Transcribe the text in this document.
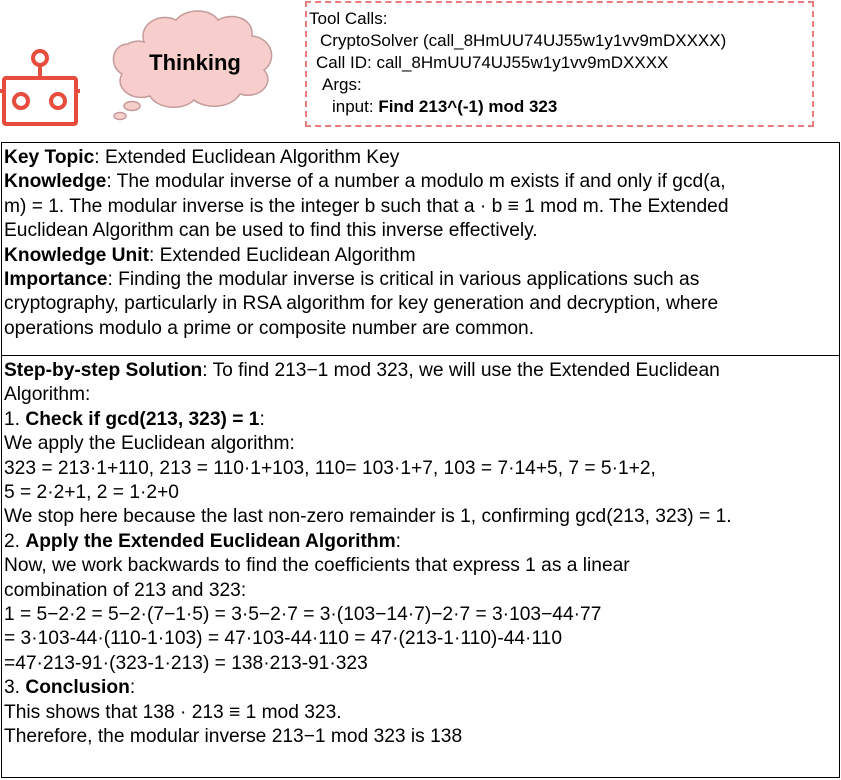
Thinking
Tool Calls:
CryptoSolver (call_8HmUU74UJ55w1y1vv9mDXXXX)
Call ID: call_8HmUU74UJ55w1y1vv9mDXXXX
Args:
input: Find 213^(-1) mod 323
Key Topic: Extended Euclidean Algorithm Key
Knowledge: The modular inverse of a number a modulo m exists if and only if gcd(a,
m) = 1. The modular inverse is the integer b such that a · b ≡ 1 mod m. The Extended
Euclidean Algorithm can be used to find this inverse effectively.
Knowledge Unit: Extended Euclidean Algorithm
Importance: Finding the modular inverse is critical in various applications such as
cryptography, particularly in RSA algorithm for key generation and decryption, where
operations modulo a prime or composite number are common.
Step-by-step Solution: To find 213−1 mod 323, we will use the Extended Euclidean
Algorithm:
1. Check if gcd(213, 323) = 1:
We apply the Euclidean algorithm:
323 = 213·1+110, 213 = 110·1+103, 110= 103·1+7, 103 = 7·14+5, 7 = 5·1+2,
5 = 2·2+1, 2 = 1·2+0
We stop here because the last non-zero remainder is 1, confirming gcd(213, 323) = 1.
2. Apply the Extended Euclidean Algorithm:
Now, we work backwards to find the coefficients that express 1 as a linear
combination of 213 and 323:
1 = 5−2·2 = 5−2·(7−1·5) = 3·5−2·7 = 3·(103−14·7)−2·7 = 3·103−44·77
= 3·103-44·(110-1·103) = 47·103-44·110 = 47·(213-1·110)-44·110
=47·213-91·(323-1·213) = 138·213-91·323
3. Conclusion:
This shows that 138 · 213 ≡ 1 mod 323.
Therefore, the modular inverse 213−1 mod 323 is 138
